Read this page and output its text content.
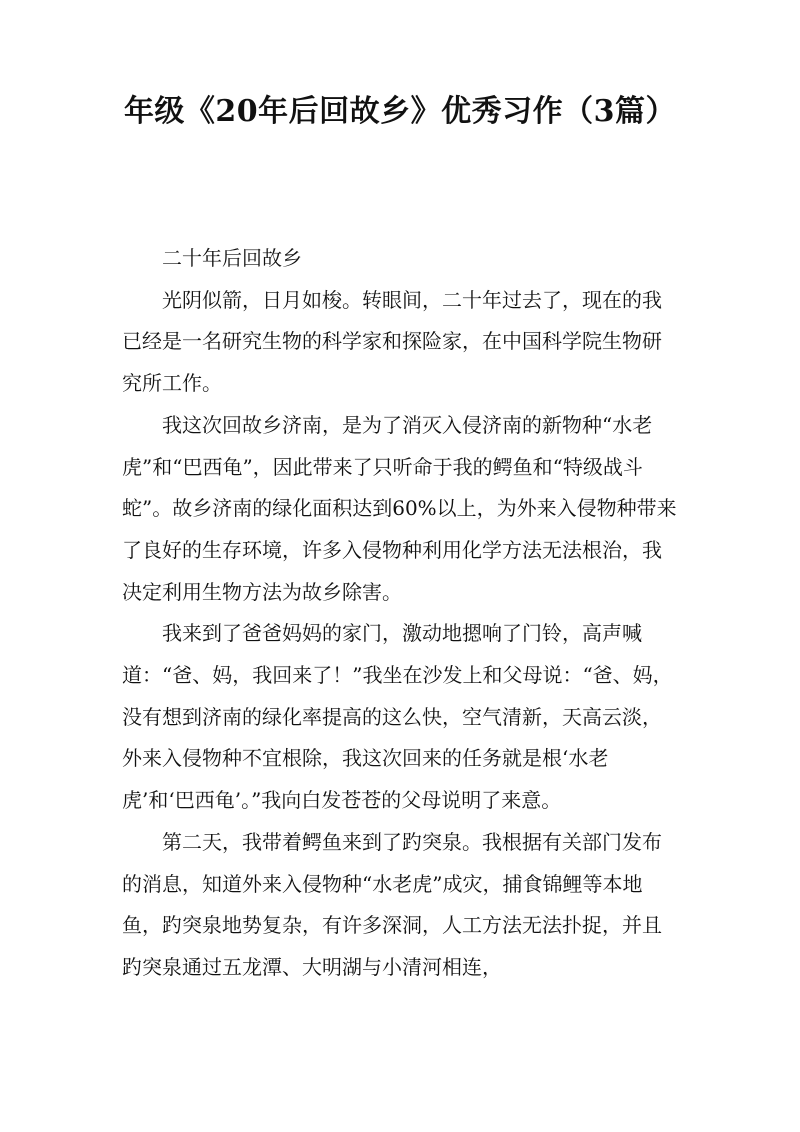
年级《20年后回故乡》优秀习作（3篇）

二十年后回故乡

光阴似箭，日月如梭。转眼间，二十年过去了，现在的我已经是一名研究生物的科学家和探险家，在中国科学院生物研究所工作。

我这次回故乡济南，是为了消灭入侵济南的新物种“水老虎”和“巴西龟”，因此带来了只听命于我的鳄鱼和“特级战斗蛇”。故乡济南的绿化面积达到60%以上，为外来入侵物种带来了良好的生存环境，许多入侵物种利用化学方法无法根治，我决定利用生物方法为故乡除害。

我来到了爸爸妈妈的家门，激动地摁响了门铃，高声喊道：“爸、妈，我回来了！”我坐在沙发上和父母说：“爸、妈，没有想到济南的绿化率提高的这么快，空气清新，天高云淡，外来入侵物种不宜根除，我这次回来的任务就是根‘水老虎’和‘巴西龟’。”我向白发苍苍的父母说明了来意。

第二天，我带着鳄鱼来到了趵突泉。我根据有关部门发布的消息，知道外来入侵物种“水老虎”成灾，捕食锦鲤等本地鱼，趵突泉地势复杂，有许多深洞，人工方法无法扑捉，并且趵突泉通过五龙潭、大明湖与小清河相连，
